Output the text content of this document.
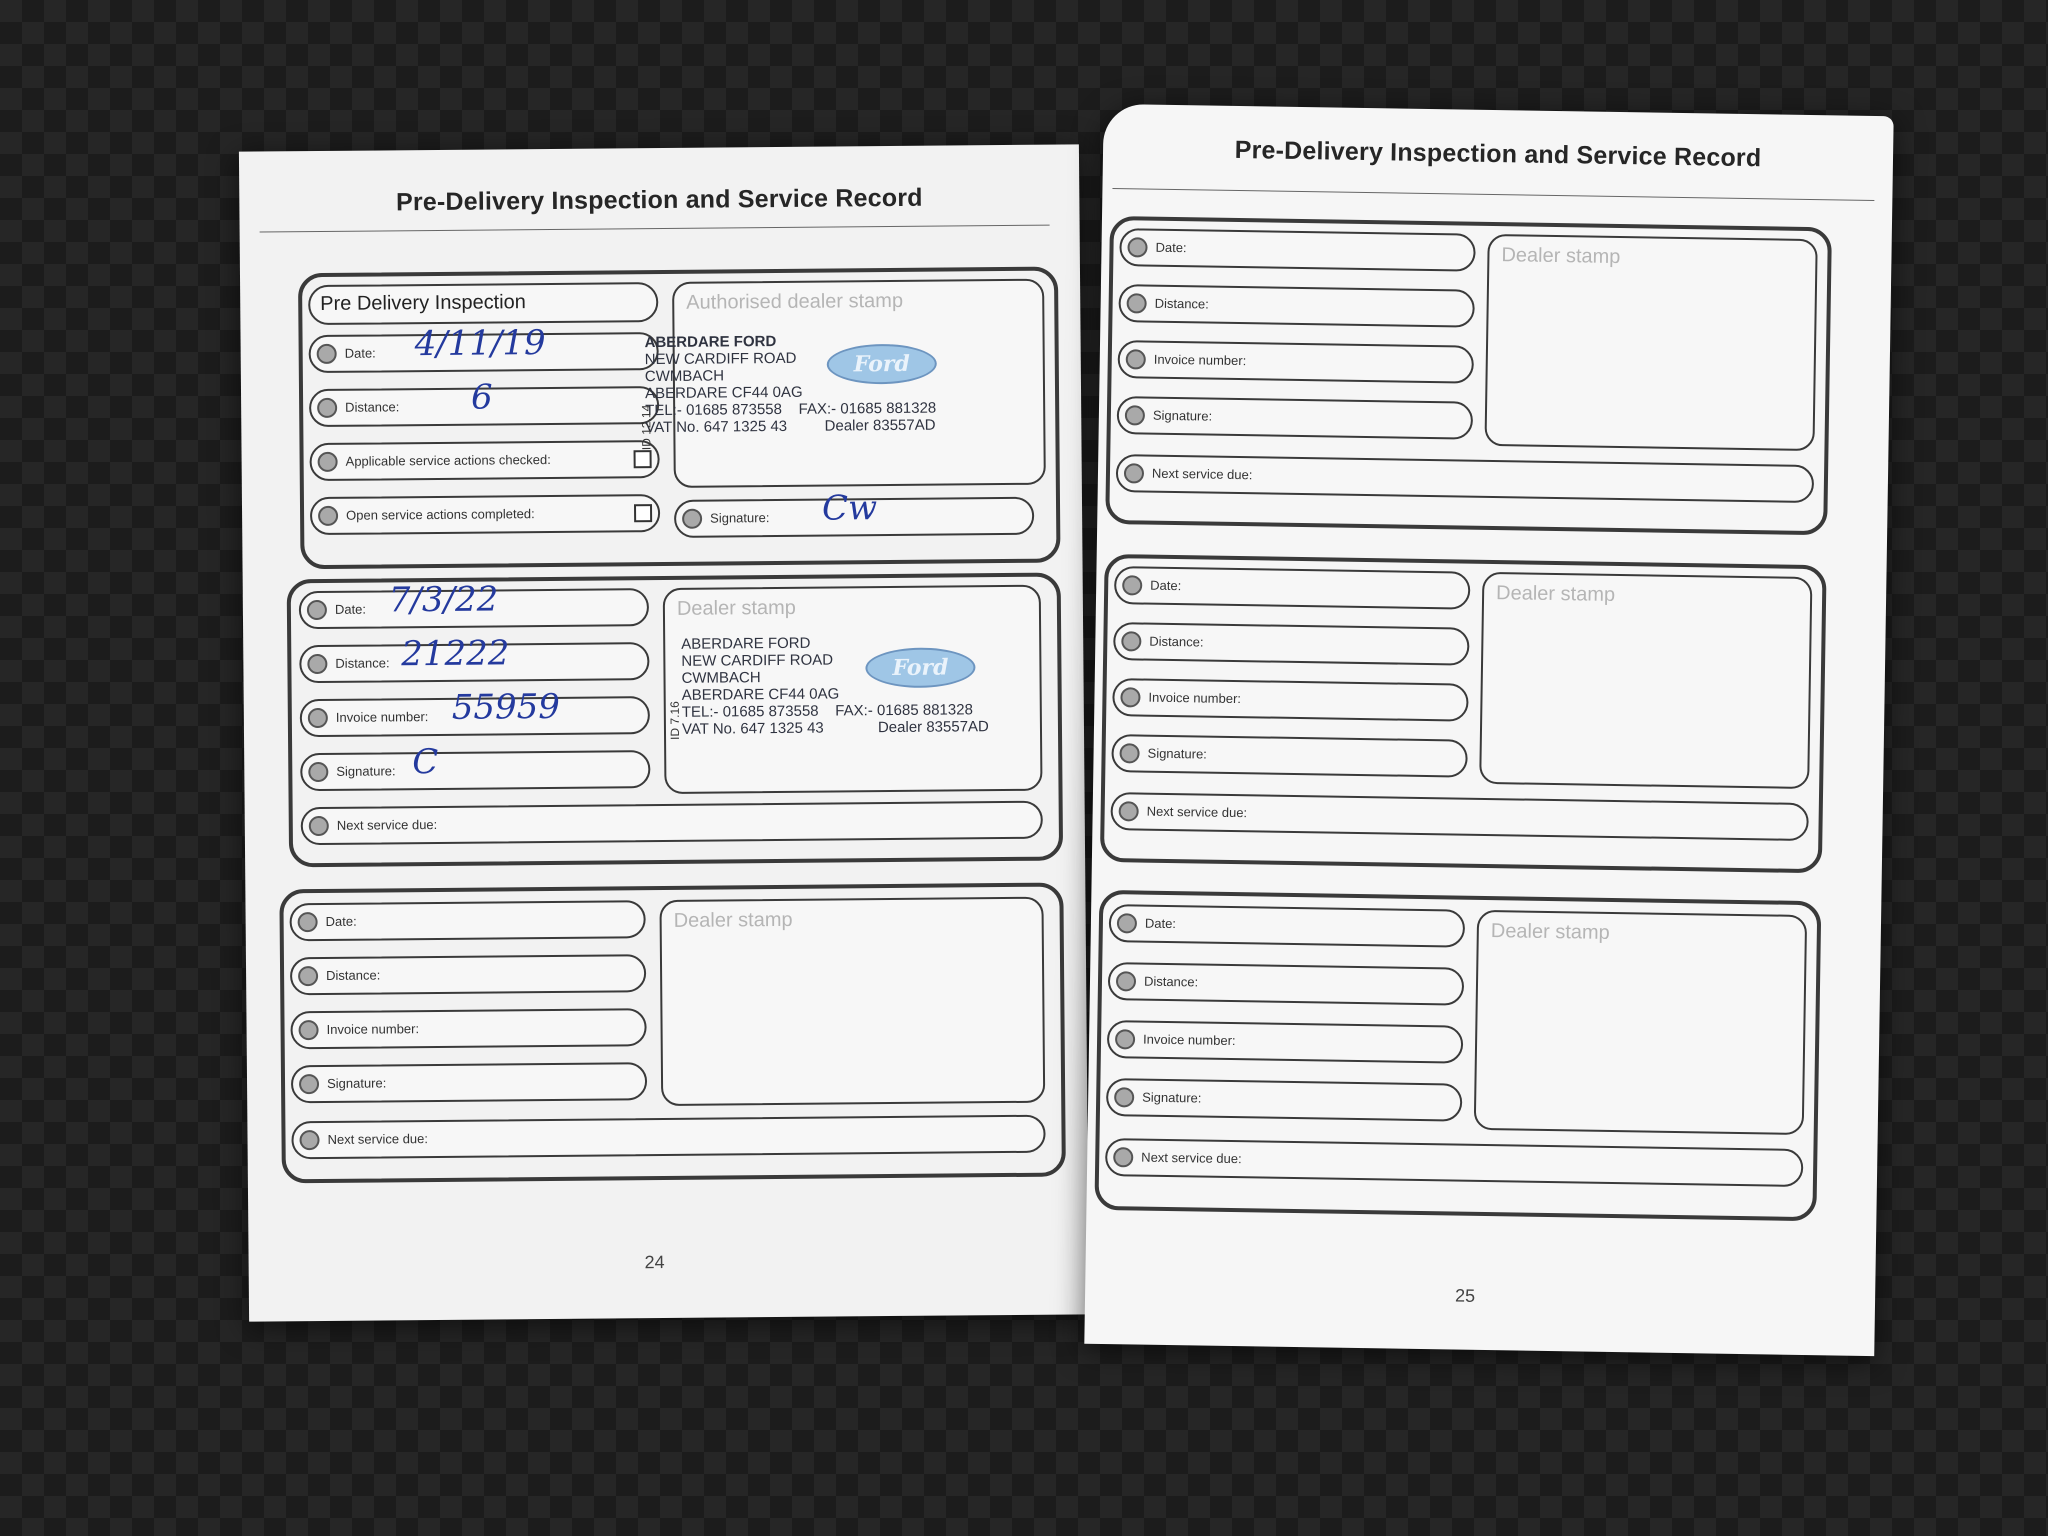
Pre-Delivery Inspection and Service Record
Pre Delivery Inspection
Date: 4/11/19
Distance: 6
Applicable service actions checked:
Open service actions completed:
Authorised dealer stamp
ABERDARE FORD
NEW CARDIFF ROAD
CWMBACH
ABERDARE CF44 0AG
TEL:- 01685 873558 FAX:- 01685 881328
VAT No. 647 1325 43 Dealer 83557AD
ID 12.14
Ford
Signature: Cw
Date: 7/3/22
Distance: 21222
Invoice number: 55959
Signature: C
Dealer stamp
ABERDARE FORD
NEW CARDIFF ROAD
CWMBACH
ABERDARE CF44 0AG
TEL:- 01685 873558 FAX:- 01685 881328
VAT No. 647 1325 43	Dealer 83557AD
ID 7.16
Ford
Next service due:
Date:
Distance:
Invoice number:
Signature:
Dealer stamp
Next service due:
24
Pre-Delivery Inspection and Service Record
Date:
Distance:
Invoice number:
Signature:
Dealer stamp
Next service due:
Date:
Distance:
Invoice number:
Signature:
Dealer stamp
Next service due:
Date:
Distance:
Invoice number:
Signature:
Dealer stamp
Next service due:
25
